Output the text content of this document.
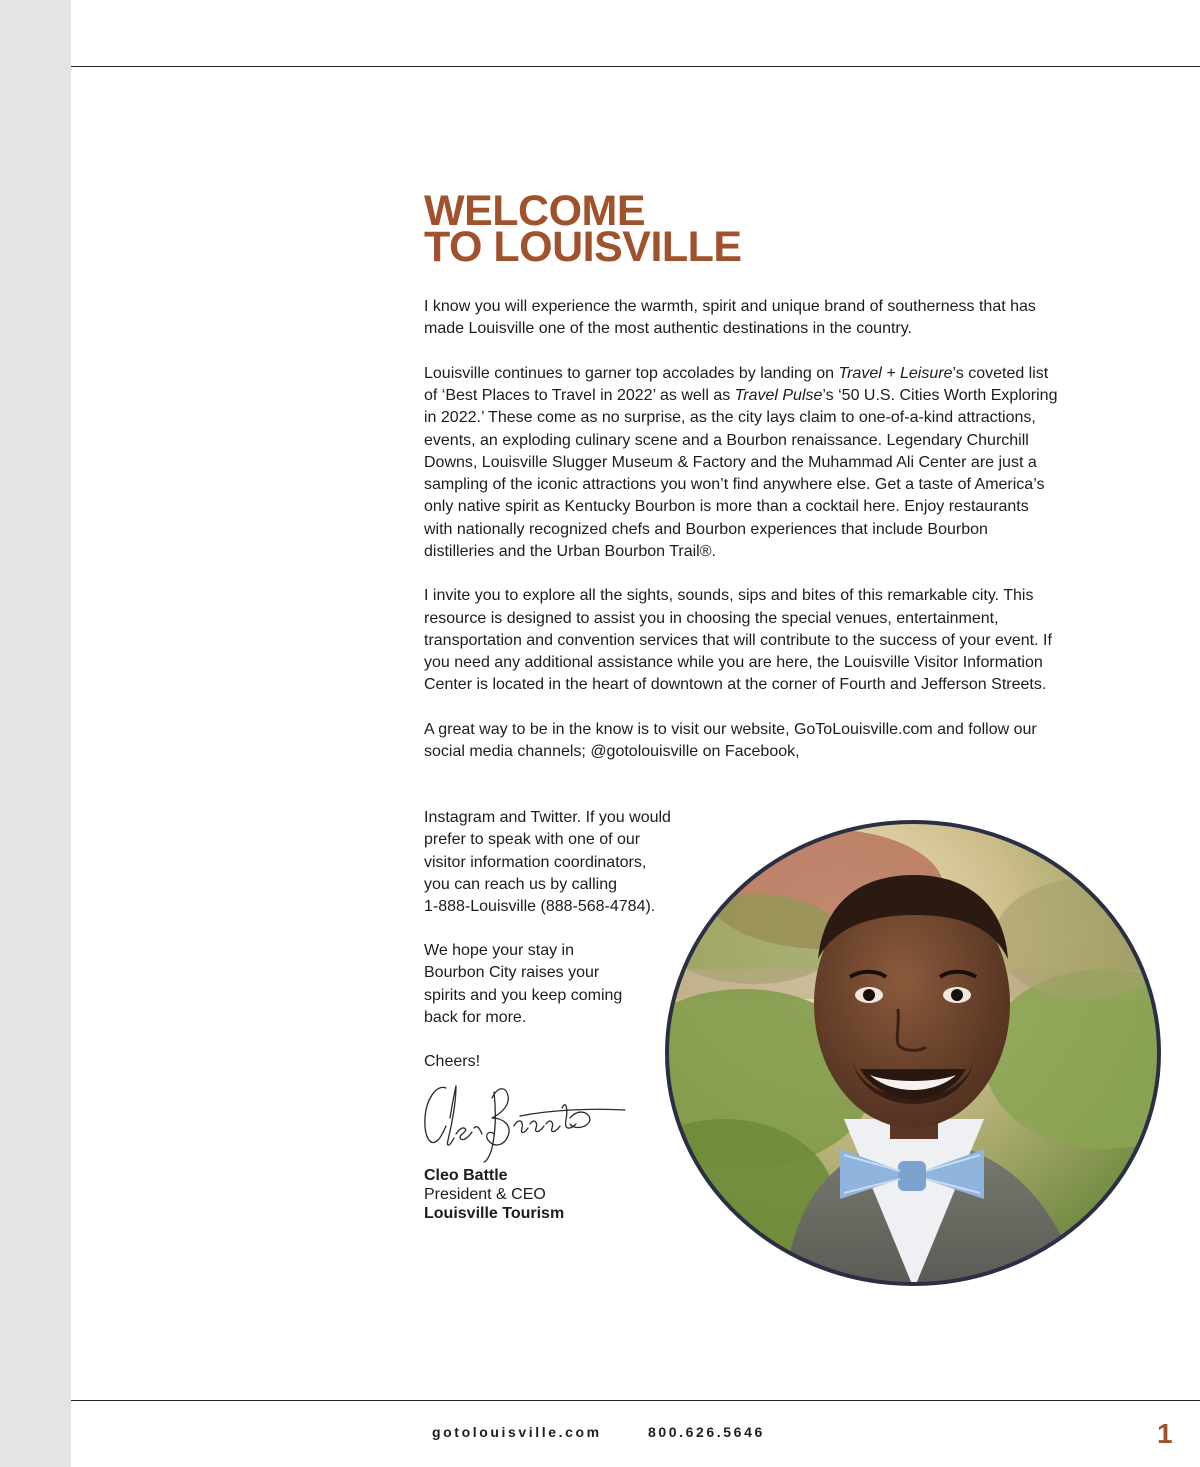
WELCOME
TO LOUISVILLE

I know you will experience the warmth, spirit and unique brand of southerness that has made Louisville one of the most authentic destinations in the country.

Louisville continues to garner top accolades by landing on Travel + Leisure’s coveted list of ‘Best Places to Travel in 2022’ as well as Travel Pulse’s ‘50 U.S. Cities Worth Exploring in 2022.’ These come as no surprise, as the city lays claim to one-of-a-kind attractions, events, an exploding culinary scene and a Bourbon renaissance. Legendary Churchill Downs, Louisville Slugger Museum & Factory and the Muhammad Ali Center are just a sampling of the iconic attractions you won’t find anywhere else. Get a taste of America’s only native spirit as Kentucky Bourbon is more than a cocktail here. Enjoy restaurants with nationally recognized chefs and Bourbon experiences that include Bourbon distilleries and the Urban Bourbon Trail®.

I invite you to explore all the sights, sounds, sips and bites of this remarkable city. This resource is designed to assist you in choosing the special venues, entertainment, transportation and convention services that will contribute to the success of your event. If you need any additional assistance while you are here, the Louisville Visitor Information Center is located in the heart of downtown at the corner of Fourth and Jefferson Streets.

A great way to be in the know is to visit our website, GoToLouisville.com and follow our social media channels; @gotolouisville on Facebook,

Instagram and Twitter. If you would

prefer to speak with one of our

visitor information coordinators,

you can reach us by calling

1-888-Louisville (888-568-4784).

We hope your stay in

Bourbon City raises your

spirits and you keep coming

back for more.

Cheers!

Cleo Battle
President & CEO
Louisville Tourism
gotolouisville.com	800.626.5646	1
